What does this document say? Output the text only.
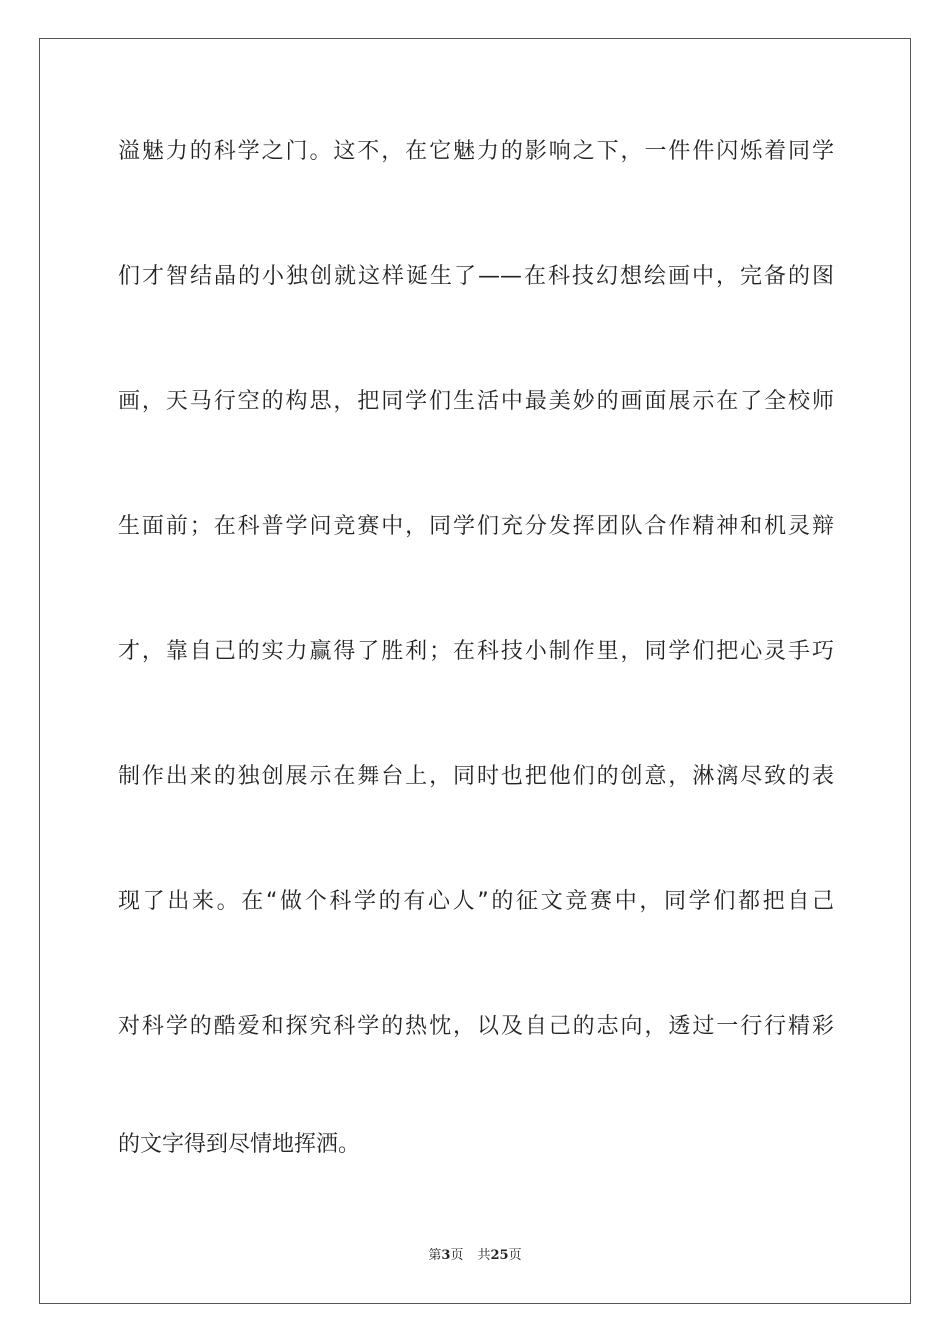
溢魅力的科学之门。这不，在它魅力的影响之下，一件件闪烁着同学
们才智结晶的小独创就这样诞生了——在科技幻想绘画中，完备的图
画，天马行空的构思，把同学们生活中最美妙的画面展示在了全校师
生面前；在科普学问竞赛中，同学们充分发挥团队合作精神和机灵辩
才，靠自己的实力赢得了胜利；在科技小制作里，同学们把心灵手巧
制作出来的独创展示在舞台上，同时也把他们的创意，淋漓尽致的表
现了出来。在“做个科学的有心人”的征文竞赛中，同学们都把自己
对科学的酷爱和探究科学的热忱，以及自己的志向，透过一行行精彩
的文字得到尽情地挥洒。
第3页 共25页
